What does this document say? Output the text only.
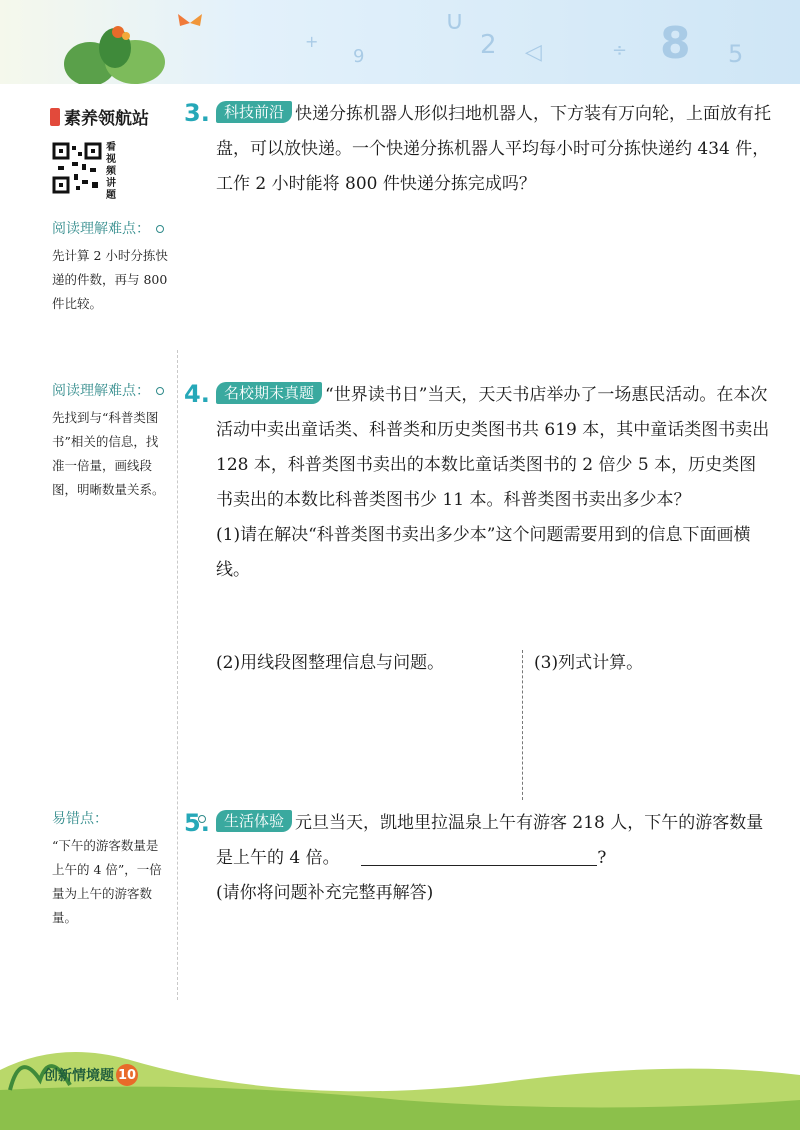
+
9
∪
2 ◁	÷ 8 5
素养领航站
看视频讲题
阅读理解难点：
先计算 2 小时分拣快递的件数，再与 800 件比较。
阅读理解难点：
先找到与“科普类图书”相关的信息，找准一倍量，画线段图，明晰数量关系。
易错点：
“下午的游客数量是上午的 4 倍”，一倍量为上午的游客数量。
3. 科技前沿 快递分拣机器人形似扫地机器人，下方装有万向轮，上面放有托盘，可以放快递。一个快递分拣机器人平均每小时可分拣快递约 434 件，工作 2 小时能将 800 件快递分拣完成吗？

4. 名校期末真题 “世界读书日”当天，天天书店举办了一场惠民活动。在本次活动中卖出童话类、科普类和历史类图书共 619 本，其中童话类图书卖出 128 本，科普类图书卖出的本数比童话类图书的 2 倍少 5 本，历史类图书卖出的本数比科普类图书少 11 本。科普类图书卖出多少本？

(1)请在解决“科普类图书卖出多少本”这个问题需要用到的信息下面画横线。

(2)用线段图整理信息与问题。	(3)列式计算。
5. 生活体验 元旦当天，凯地里拉温泉上午有游客 218 人，下午的游客数量是上午的 4 倍。	?

(请你将问题补充完整再解答)

创新情境题 10
